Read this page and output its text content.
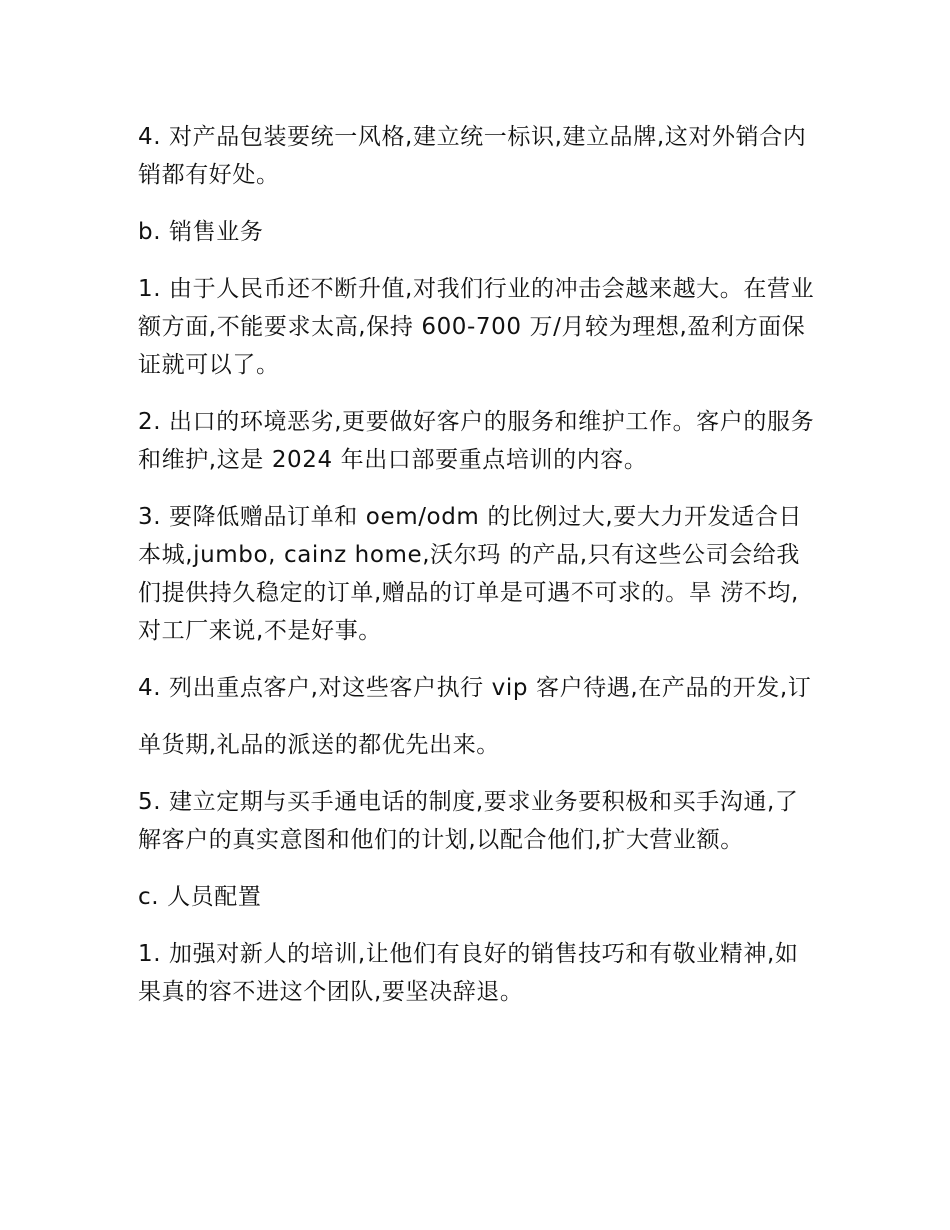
4. 对产品包装要统一风格,建立统一标识,建立品牌,这对外销合内销都有好处。

b. 销售业务

1. 由于人民币还不断升值,对我们行业的冲击会越来越大。在营业额方面,不能要求太高,保持 600-700 万/月较为理想,盈利方面保证就可以了。

2. 出口的环境恶劣,更要做好客户的服务和维护工作。客户的服务和维护,这是 2024 年出口部要重点培训的内容。

3. 要降低赠品订单和 oem/odm 的比例过大,要大力开发适合日本城,jumbo, cainz home,沃尔玛 的产品,只有这些公司会给我们提供持久稳定的订单,赠品的订单是可遇不可求的。旱 涝不均,对工厂来说,不是好事。

4. 列出重点客户,对这些客户执行 vip 客户待遇,在产品的开发,订

单货期,礼品的派送的都优先出来。

5. 建立定期与买手通电话的制度,要求业务要积极和买手沟通,了解客户的真实意图和他们的计划,以配合他们,扩大营业额。

c. 人员配置

1. 加强对新人的培训,让他们有良好的销售技巧和有敬业精神,如果真的容不进这个团队,要坚决辞退。
